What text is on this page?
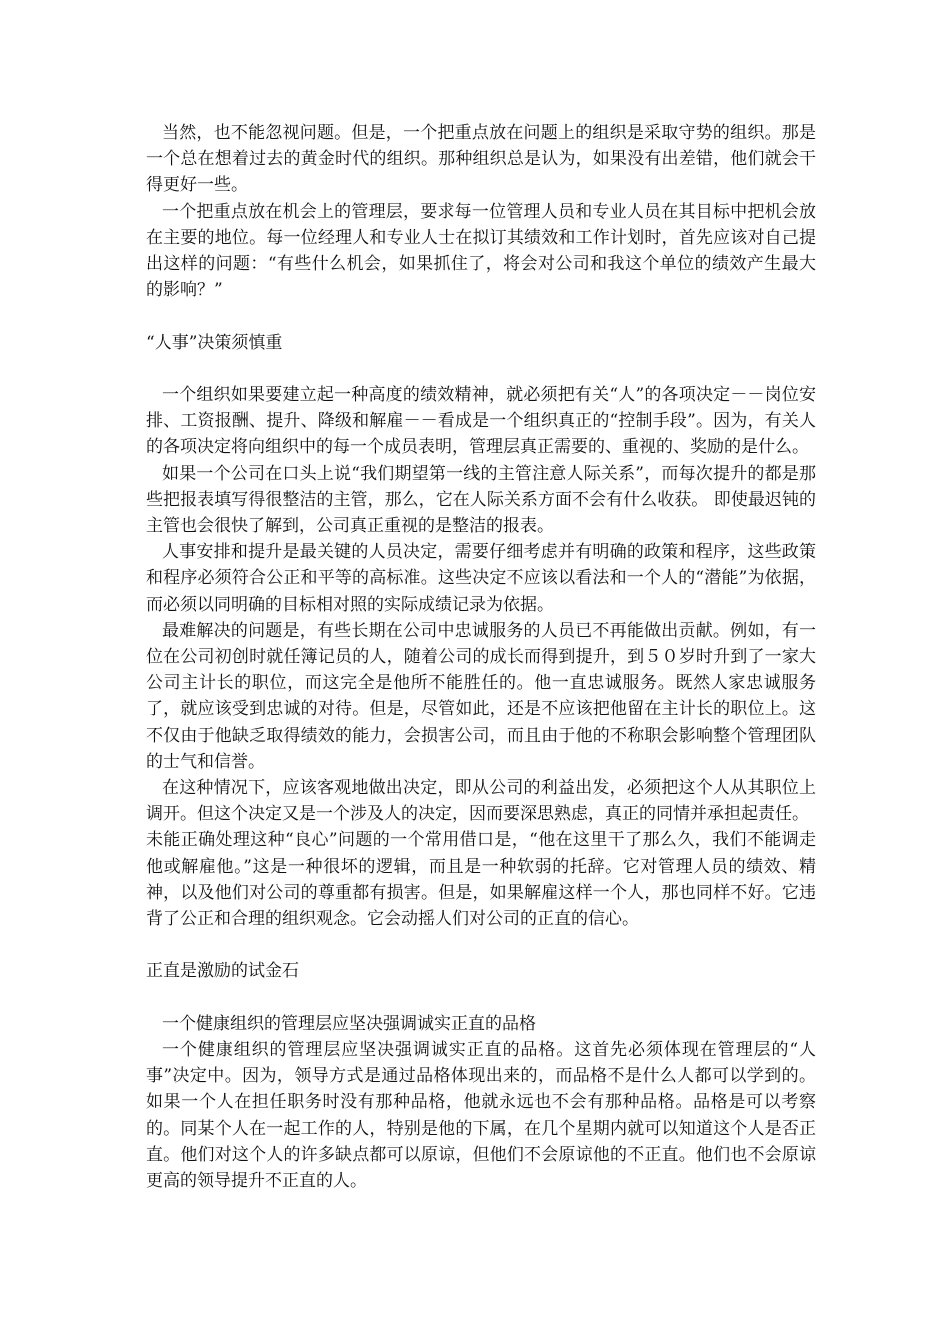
当然，也不能忽视问题。但是，一个把重点放在问题上的组织是采取守势的组织。那是一个总在想着过去的黄金时代的组织。那种组织总是认为，如果没有出差错，他们就会干得更好一些。

一个把重点放在机会上的管理层，要求每一位管理人员和专业人员在其目标中把机会放在主要的地位。每一位经理人和专业人士在拟订其绩效和工作计划时，首先应该对自己提出这样的问题：“有些什么机会，如果抓住了，将会对公司和我这个单位的绩效产生最大的影响？”

“人事”决策须慎重

一个组织如果要建立起一种高度的绩效精神，就必须把有关“人”的各项决定－－岗位安排、工资报酬、提升、降级和解雇－－看成是一个组织真正的“控制手段”。因为，有关人的各项决定将向组织中的每一个成员表明，管理层真正需要的、重视的、奖励的是什么。

如果一个公司在口头上说“我们期望第一线的主管注意人际关系”，而每次提升的都是那些把报表填写得很整洁的主管，那么，它在人际关系方面不会有什么收获。 即使最迟钝的主管也会很快了解到，公司真正重视的是整洁的报表。

人事安排和提升是最关键的人员决定，需要仔细考虑并有明确的政策和程序，这些政策和程序必须符合公正和平等的高标准。这些决定不应该以看法和一个人的“潜能”为依据，而必须以同明确的目标相对照的实际成绩记录为依据。

最难解决的问题是，有些长期在公司中忠诚服务的人员已不再能做出贡献。例如，有一位在公司初创时就任簿记员的人，随着公司的成长而得到提升，到５０岁时升到了一家大公司主计长的职位，而这完全是他所不能胜任的。他一直忠诚服务。既然人家忠诚服务了，就应该受到忠诚的对待。但是，尽管如此，还是不应该把他留在主计长的职位上。这不仅由于他缺乏取得绩效的能力，会损害公司，而且由于他的不称职会影响整个管理团队的士气和信誉。

在这种情况下，应该客观地做出决定，即从公司的利益出发，必须把这个人从其职位上调开。但这个决定又是一个涉及人的决定，因而要深思熟虑，真正的同情并承担起责任。

未能正确处理这种“良心”问题的一个常用借口是，“他在这里干了那么久，我们不能调走他或解雇他。”这是一种很坏的逻辑，而且是一种软弱的托辞。它对管理人员的绩效、精神，以及他们对公司的尊重都有损害。但是，如果解雇这样一个人，那也同样不好。它违背了公正和合理的组织观念。它会动摇人们对公司的正直的信心。

正直是激励的试金石

一个健康组织的管理层应坚决强调诚实正直的品格

一个健康组织的管理层应坚决强调诚实正直的品格。这首先必须体现在管理层的“人事”决定中。因为，领导方式是通过品格体现出来的，而品格不是什么人都可以学到的。如果一个人在担任职务时没有那种品格，他就永远也不会有那种品格。品格是可以考察的。同某个人在一起工作的人，特别是他的下属，在几个星期内就可以知道这个人是否正直。他们对这个人的许多缺点都可以原谅，但他们不会原谅他的不正直。他们也不会原谅更高的领导提升不正直的人。
